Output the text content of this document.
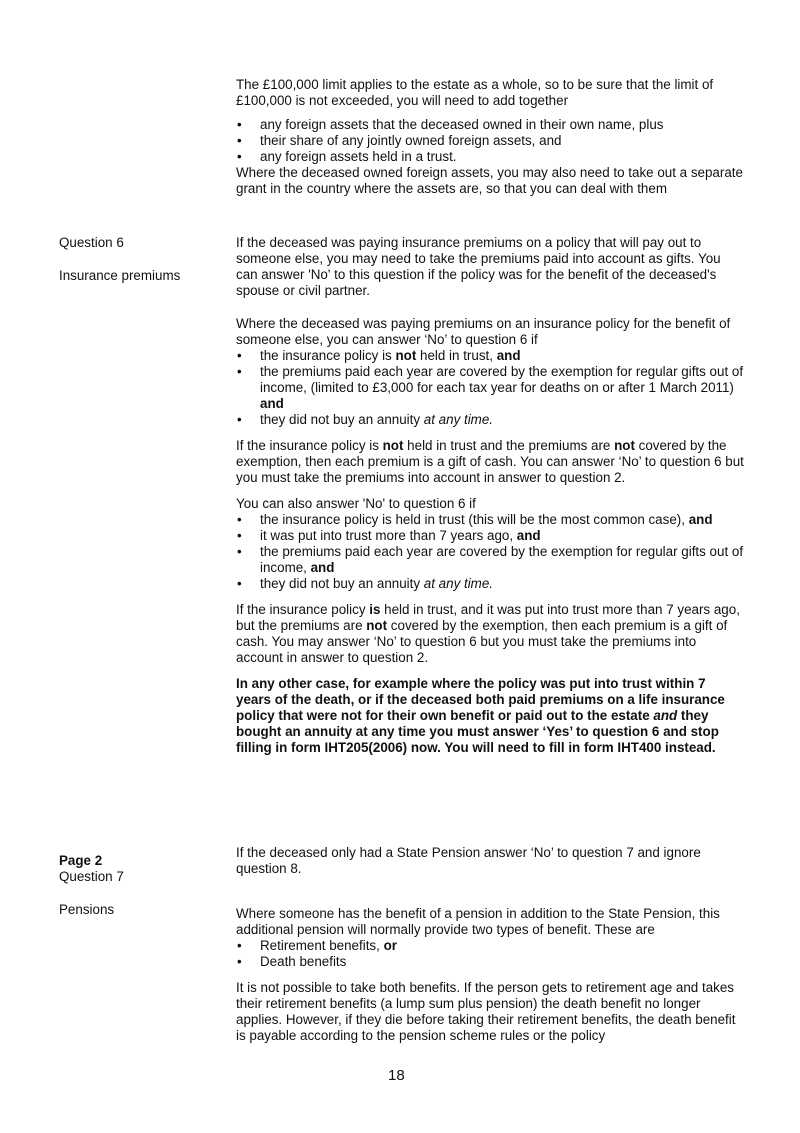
The £100,000 limit applies to the estate as a whole, so to be sure that the limit of £100,000 is not exceeded, you will need to add together

• any foreign assets that the deceased owned in their own name, plus
• their share of any jointly owned foreign assets, and
• any foreign assets held in a trust.

Where the deceased owned foreign assets, you may also need to take out a separate grant in the country where the assets are, so that you can deal with them

Question 6
Insurance premiums

If the deceased was paying insurance premiums on a policy that will pay out to someone else, you may need to take the premiums paid into account as gifts. You can answer 'No' to this question if the policy was for the benefit of the deceased's spouse or civil partner.

Where the deceased was paying premiums on an insurance policy for the benefit of someone else, you can answer ‘No’ to question 6 if

• the insurance policy is not held in trust, and
• the premiums paid each year are covered by the exemption for regular gifts out of income, (limited to £3,000 for each tax year for deaths on or after 1 March 2011) and
• they did not buy an annuity at any time.

If the insurance policy is not held in trust and the premiums are not covered by the exemption, then each premium is a gift of cash. You can answer ‘No’ to question 6 but you must take the premiums into account in answer to question 2.

You can also answer 'No' to question 6 if

• the insurance policy is held in trust (this will be the most common case), and
• it was put into trust more than 7 years ago, and
• the premiums paid each year are covered by the exemption for regular gifts out of income, and
• they did not buy an annuity at any time.

If the insurance policy is held in trust, and it was put into trust more than 7 years ago, but the premiums are not covered by the exemption, then each premium is a gift of cash. You may answer ‘No’ to question 6 but you must take the premiums into account in answer to question 2.

In any other case, for example where the policy was put into trust within 7 years of the death, or if the deceased both paid premiums on a life insurance policy that were not for their own benefit or paid out to the estate and they bought an annuity at any time you must answer ‘Yes’ to question 6 and stop filling in form IHT205(2006) now. You will need to fill in form IHT400 instead.

Page 2
Question 7
Pensions

If the deceased only had a State Pension answer ‘No’ to question 7 and ignore question 8.

Where someone has the benefit of a pension in addition to the State Pension, this additional pension will normally provide two types of benefit. These are

• Retirement benefits, or
• Death benefits

It is not possible to take both benefits. If the person gets to retirement age and takes their retirement benefits (a lump sum plus pension) the death benefit no longer applies. However, if they die before taking their retirement benefits, the death benefit is payable according to the pension scheme rules or the policy

18
